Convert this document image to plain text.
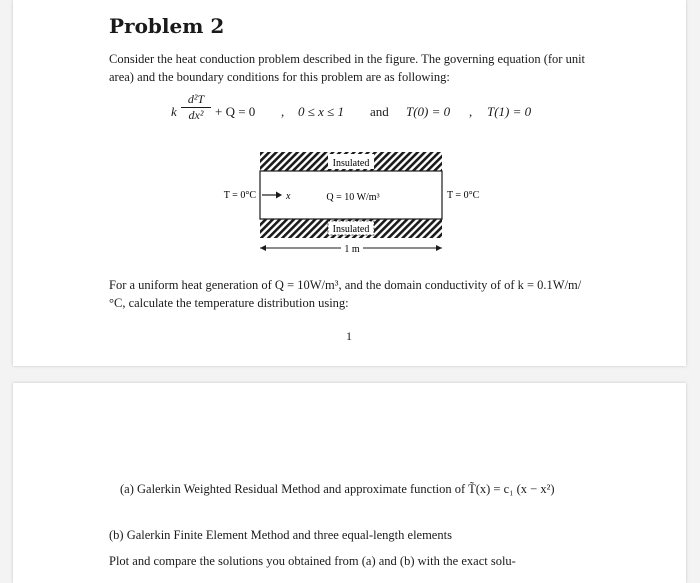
Problem 2
Consider the heat conduction problem described in the figure. The governing equation (for unit area) and the boundary conditions for this problem are as following:
k $\frac{\text{d²T}}{\text{dx²}} + Q = 0$ , 0 ≤ x ≤ 1 and T(0) = 0 , T(1) = 0
Insulated
Insulated
T = 0°C	T = 0°C
x	Q = 10 W/m³
1 m
For a uniform heat generation of Q = 10W/m³, and the domain conductivity of of k = 0.1W/m/°C, calculate the temperature distribution using:
1
(a) Galerkin Weighted Residual Method and approximate function of T̃(x) = c₁ (x − x²)
(b) Galerkin Finite Element Method and three equal-length elements
Plot and compare the solutions you obtained from (a) and (b) with the exact solu-
